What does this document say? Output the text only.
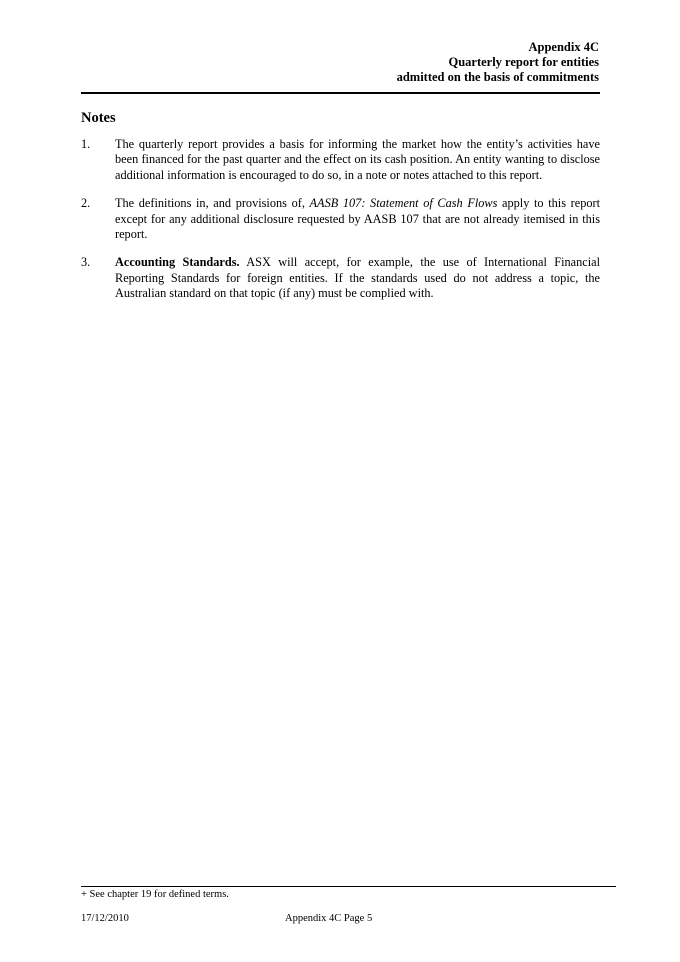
Appendix 4C
Quarterly report for entities
admitted on the basis of commitments
Notes
1. The quarterly report provides a basis for informing the market how the entity’s activities have been financed for the past quarter and the effect on its cash position. An entity wanting to disclose additional information is encouraged to do so, in a note or notes attached to this report.
2. The definitions in, and provisions of, AASB 107: Statement of Cash Flows apply to this report except for any additional disclosure requested by AASB 107 that are not already itemised in this report.
3. Accounting Standards. ASX will accept, for example, the use of International Financial Reporting Standards for foreign entities. If the standards used do not address a topic, the Australian standard on that topic (if any) must be complied with.
+ See chapter 19 for defined terms.
17/12/2010	Appendix 4C Page 5
